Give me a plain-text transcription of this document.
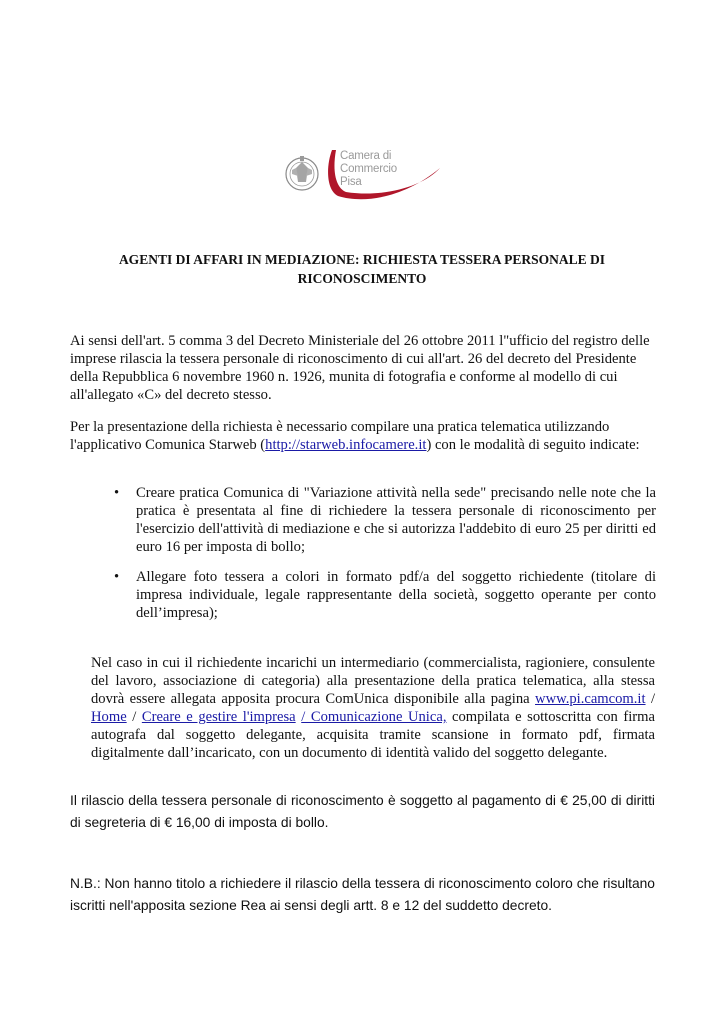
Camera di Commercio
Pisa
AGENTI DI AFFARI IN MEDIAZIONE: RICHIESTA TESSERA PERSONALE DI
RICONOSCIMENTO

Ai sensi dell'art. 5 comma 3 del Decreto Ministeriale del 26 ottobre 2011 l"ufficio del registro delle imprese rilascia la tessera personale di riconoscimento di cui all'art. 26 del decreto del Presidente della Repubblica 6 novembre 1960 n. 1926, munita di fotografia e conforme al modello di cui all'allegato «C» del decreto stesso.

Per la presentazione della richiesta è necessario compilare una pratica telematica utilizzando l'applicativo Comunica Starweb (http://starweb.infocamere.it) con le modalità di seguito indicate:

• Creare pratica Comunica di "Variazione attività nella sede" precisando nelle note che la pratica è presentata al fine di richiedere la tessera personale di riconoscimento per l'esercizio dell'attività di mediazione e che si autorizza l'addebito di euro 25 per diritti ed euro 16 per imposta di bollo;
• Allegare foto tessera a colori in formato pdf/a del soggetto richiedente (titolare di impresa individuale, legale rappresentante della società, soggetto operante per conto dell’impresa);

Nel caso in cui il richiedente incarichi un intermediario (commercialista, ragioniere, consulente del lavoro, associazione di categoria) alla presentazione della pratica telematica, alla stessa dovrà essere allegata apposita procura ComUnica disponibile alla pagina www.pi.camcom.it / Home / Creare e gestire l'impresa / Comunicazione Unica, compilata e sottoscritta con firma autografa dal soggetto delegante, acquisita tramite scansione in formato pdf, firmata digitalmente dall’incaricato, con un documento di identità valido del soggetto delegante.

Il rilascio della tessera personale di riconoscimento è soggetto al pagamento di € 25,00 di diritti di segreteria di € 16,00 di imposta di bollo.

N.B.: Non hanno titolo a richiedere il rilascio della tessera di riconoscimento coloro che risultano iscritti nell'apposita sezione Rea ai sensi degli artt. 8 e 12 del suddetto decreto.
